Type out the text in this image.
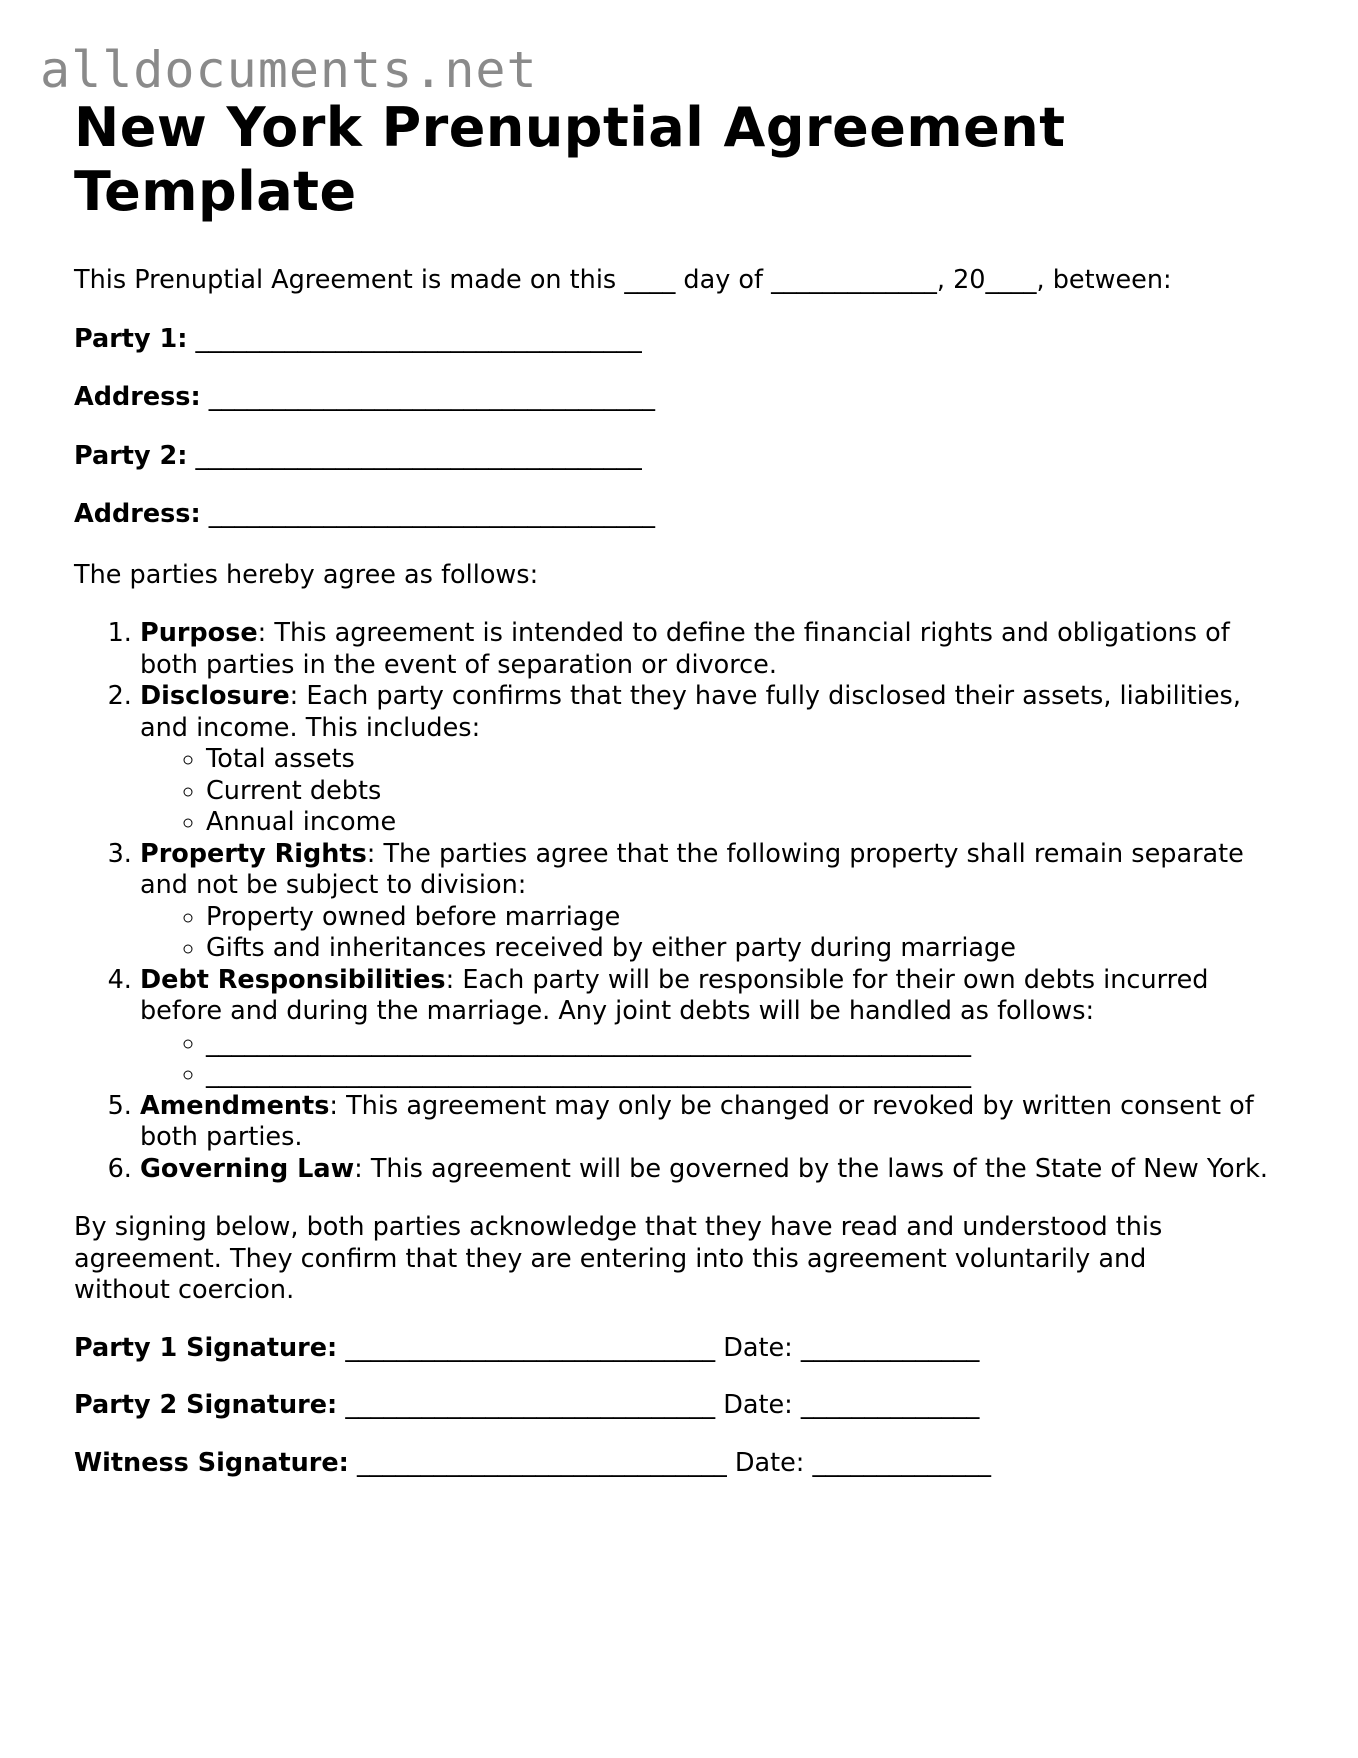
alldocuments.net
New York Prenuptial Agreement Template

This Prenuptial Agreement is made on this ____ day of _____________, 20____, between:

Party 1: ___________________________________

Address: ___________________________________

Party 2: ___________________________________

Address: ___________________________________

The parties hereby agree as follows:

1. Purpose: This agreement is intended to define the financial rights and obligations of both parties in the event of separation or divorce.
2. Disclosure: Each party confirms that they have fully disclosed their assets, liabilities, and income. This includes:
◦ Total assets
◦ Current debts
◦ Annual income
3. Property Rights: The parties agree that the following property shall remain separate and not be subject to division:
◦ Property owned before marriage
◦ Gifts and inheritances received by either party during marriage
4. Debt Responsibilities: Each party will be responsible for their own debts incurred before and during the marriage. Any joint debts will be handled as follows:
◦ ____________________________________________________________
◦ ____________________________________________________________
5. Amendments: This agreement may only be changed or revoked by written consent of both parties.
6. Governing Law: This agreement will be governed by the laws of the State of New York.

By signing below, both parties acknowledge that they have read and understood this agreement. They confirm that they are entering into this agreement voluntarily and without coercion.

Party 1 Signature: _____________________________ Date: ______________

Party 2 Signature: _____________________________ Date: ______________

Witness Signature: _____________________________ Date: ______________
